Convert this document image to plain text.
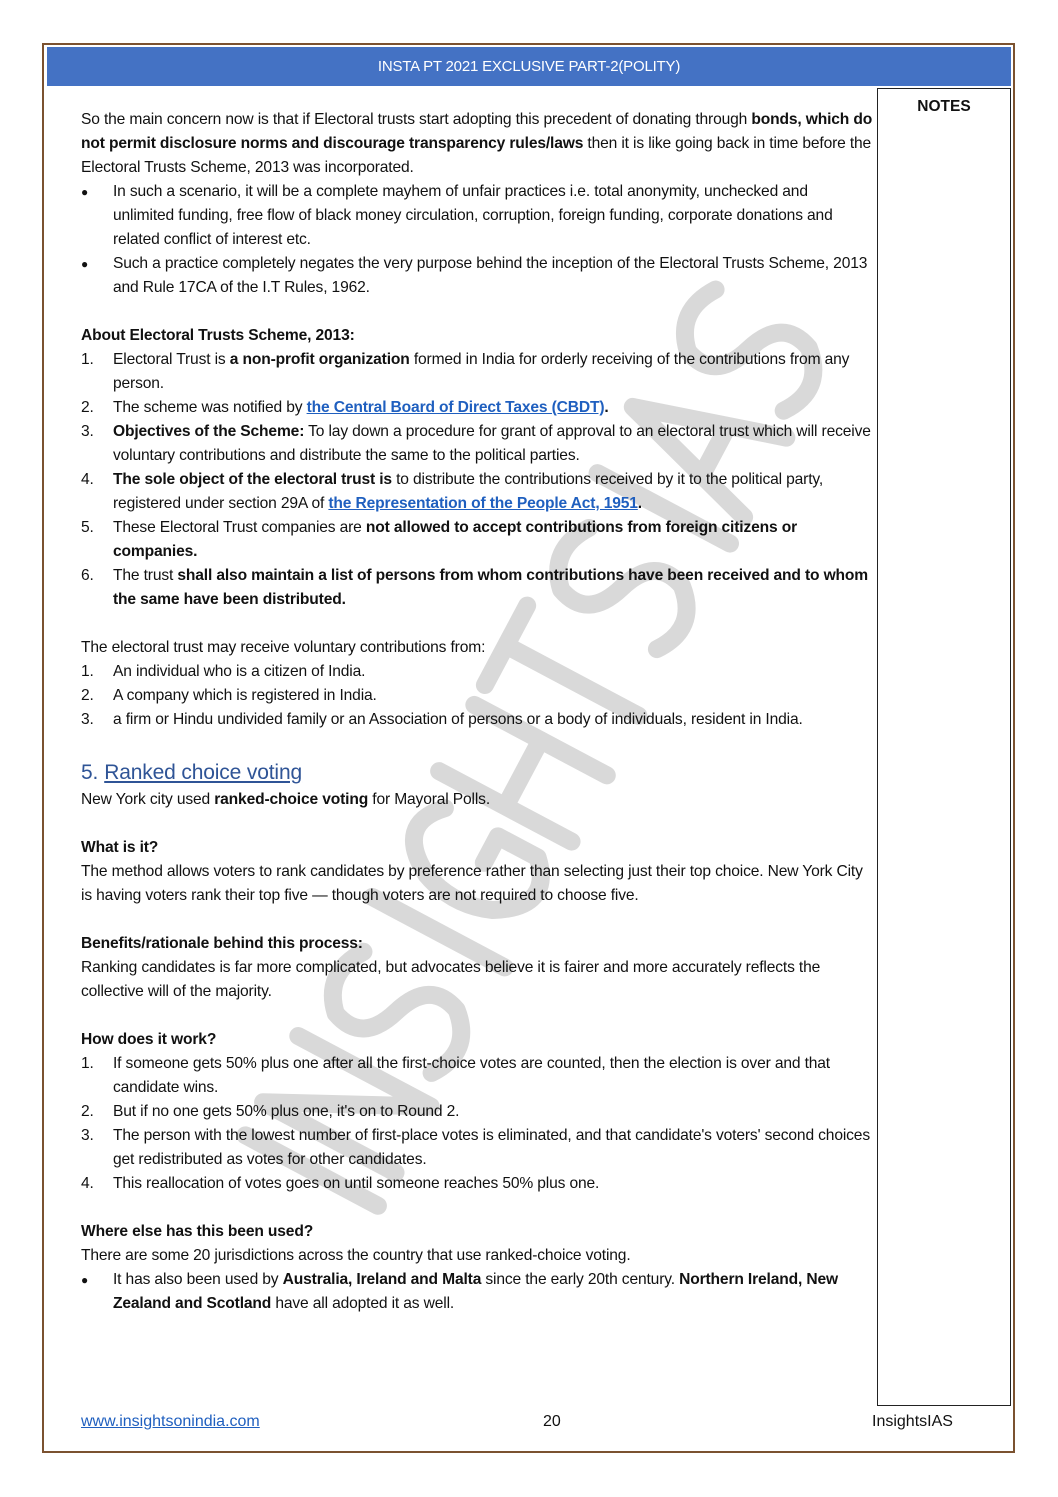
INSTA PT 2021 EXCLUSIVE PART-2(POLITY)
NOTES

So the main concern now is that if Electoral trusts start adopting this precedent of donating through bonds, which do not permit disclosure norms and discourage transparency rules/laws then it is like going back in time before the Electoral Trusts Scheme, 2013 was incorporated.

● In such a scenario, it will be a complete mayhem of unfair practices i.e. total anonymity, unchecked and unlimited funding, free flow of black money circulation, corruption, foreign funding, corporate donations and related conflict of interest etc.
● Such a practice completely negates the very purpose behind the inception of the Electoral Trusts Scheme, 2013 and Rule 17CA of the I.T Rules, 1962.

About Electoral Trusts Scheme, 2013:

1. Electoral Trust is a non-profit organization formed in India for orderly receiving of the contributions from any person.
2. The scheme was notified by the Central Board of Direct Taxes (CBDT).
3. Objectives of the Scheme: To lay down a procedure for grant of approval to an electoral trust which will receive voluntary contributions and distribute the same to the political parties.
4. The sole object of the electoral trust is to distribute the contributions received by it to the political party, registered under section 29A of the Representation of the People Act, 1951.
5. These Electoral Trust companies are not allowed to accept contributions from foreign citizens or companies.
6. The trust shall also maintain a list of persons from whom contributions have been received and to whom the same have been distributed.

The electoral trust may receive voluntary contributions from:

1. An individual who is a citizen of India.
2. A company which is registered in India.
3. a firm or Hindu undivided family or an Association of persons or a body of individuals, resident in India.
5. Ranked choice voting

New York city used ranked-choice voting for Mayoral Polls.

What is it?

The method allows voters to rank candidates by preference rather than selecting just their top choice. New York City is having voters rank their top five — though voters are not required to choose five.

Benefits/rationale behind this process:

Ranking candidates is far more complicated, but advocates believe it is fairer and more accurately reflects the collective will of the majority.

How does it work?

1. If someone gets 50% plus one after all the first-choice votes are counted, then the election is over and that candidate wins.
2. But if no one gets 50% plus one, it's on to Round 2.
3. The person with the lowest number of first-place votes is eliminated, and that candidate's voters' second choices get redistributed as votes for other candidates.
4. This reallocation of votes goes on until someone reaches 50% plus one.

Where else has this been used?

There are some 20 jurisdictions across the country that use ranked-choice voting.

● It has also been used by Australia, Ireland and Malta since the early 20th century. Northern Ireland, New Zealand and Scotland have all adopted it as well.
www.insightsonindia.com	20	InsightsIAS
